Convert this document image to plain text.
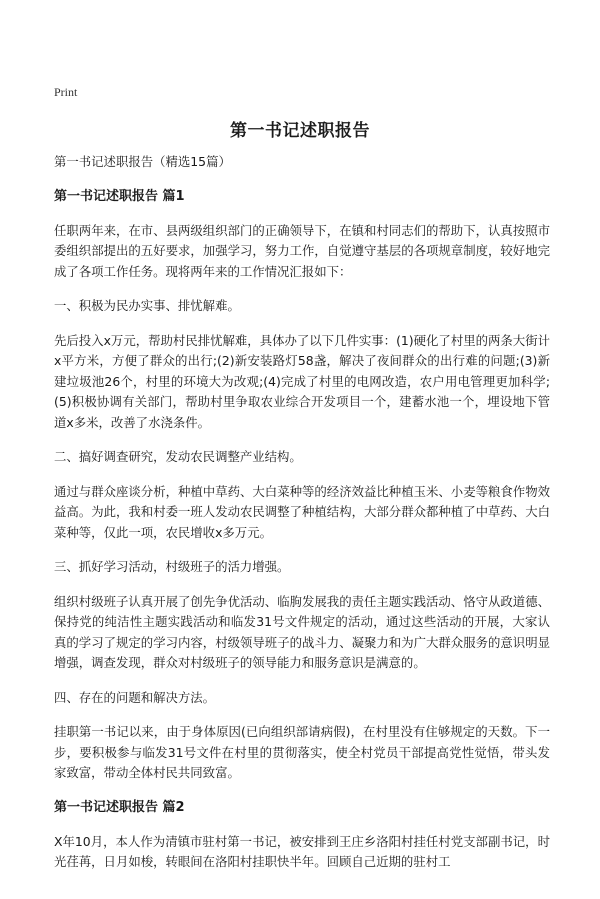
Print
第一书记述职报告

第一书记述职报告（精选15篇）

第一书记述职报告 篇1

任职两年来，在市、县两级组织部门的正确领导下，在镇和村同志们的帮助下，认真按照市委组织部提出的五好要求，加强学习，努力工作，自觉遵守基层的各项规章制度，较好地完成了各项工作任务。现将两年来的工作情况汇报如下：

一、积极为民办实事、排忧解难。

先后投入x万元，帮助村民排忧解难，具体办了以下几件实事：(1)硬化了村里的两条大街计x平方米，方便了群众的出行;(2)新安装路灯58盏，解决了夜间群众的出行难的问题;(3)新建垃圾池26个，村里的环境大为改观;(4)完成了村里的电网改造，农户用电管理更加科学;(5)积极协调有关部门，帮助村里争取农业综合开发项目一个，建蓄水池一个，埋设地下管道x多米，改善了水浇条件。

二、搞好调查研究，发动农民调整产业结构。

通过与群众座谈分析，种植中草药、大白菜种等的经济效益比种植玉米、小麦等粮食作物效益高。为此，我和村委一班人发动农民调整了种植结构，大部分群众都种植了中草药、大白菜种等，仅此一项，农民增收x多万元。

三、抓好学习活动，村级班子的活力增强。

组织村级班子认真开展了创先争优活动、临朐发展我的责任主题实践活动、恪守从政道德、保持党的纯洁性主题实践活动和临发31号文件规定的活动，通过这些活动的开展，大家认真的学习了规定的学习内容，村级领导班子的战斗力、凝聚力和为广大群众服务的意识明显增强，调查发现，群众对村级班子的领导能力和服务意识是满意的。

四、存在的问题和解决方法。

挂职第一书记以来，由于身体原因(已向组织部请病假)，在村里没有住够规定的天数。下一步，要积极参与临发31号文件在村里的贯彻落实，使全村党员干部提高党性觉悟，带头发家致富，带动全体村民共同致富。

第一书记述职报告 篇2

X年10月，本人作为清镇市驻村第一书记，被安排到王庄乡洛阳村挂任村党支部副书记，时光荏苒，日月如梭，转眼间在洛阳村挂职快半年。回顾自己近期的驻村工
